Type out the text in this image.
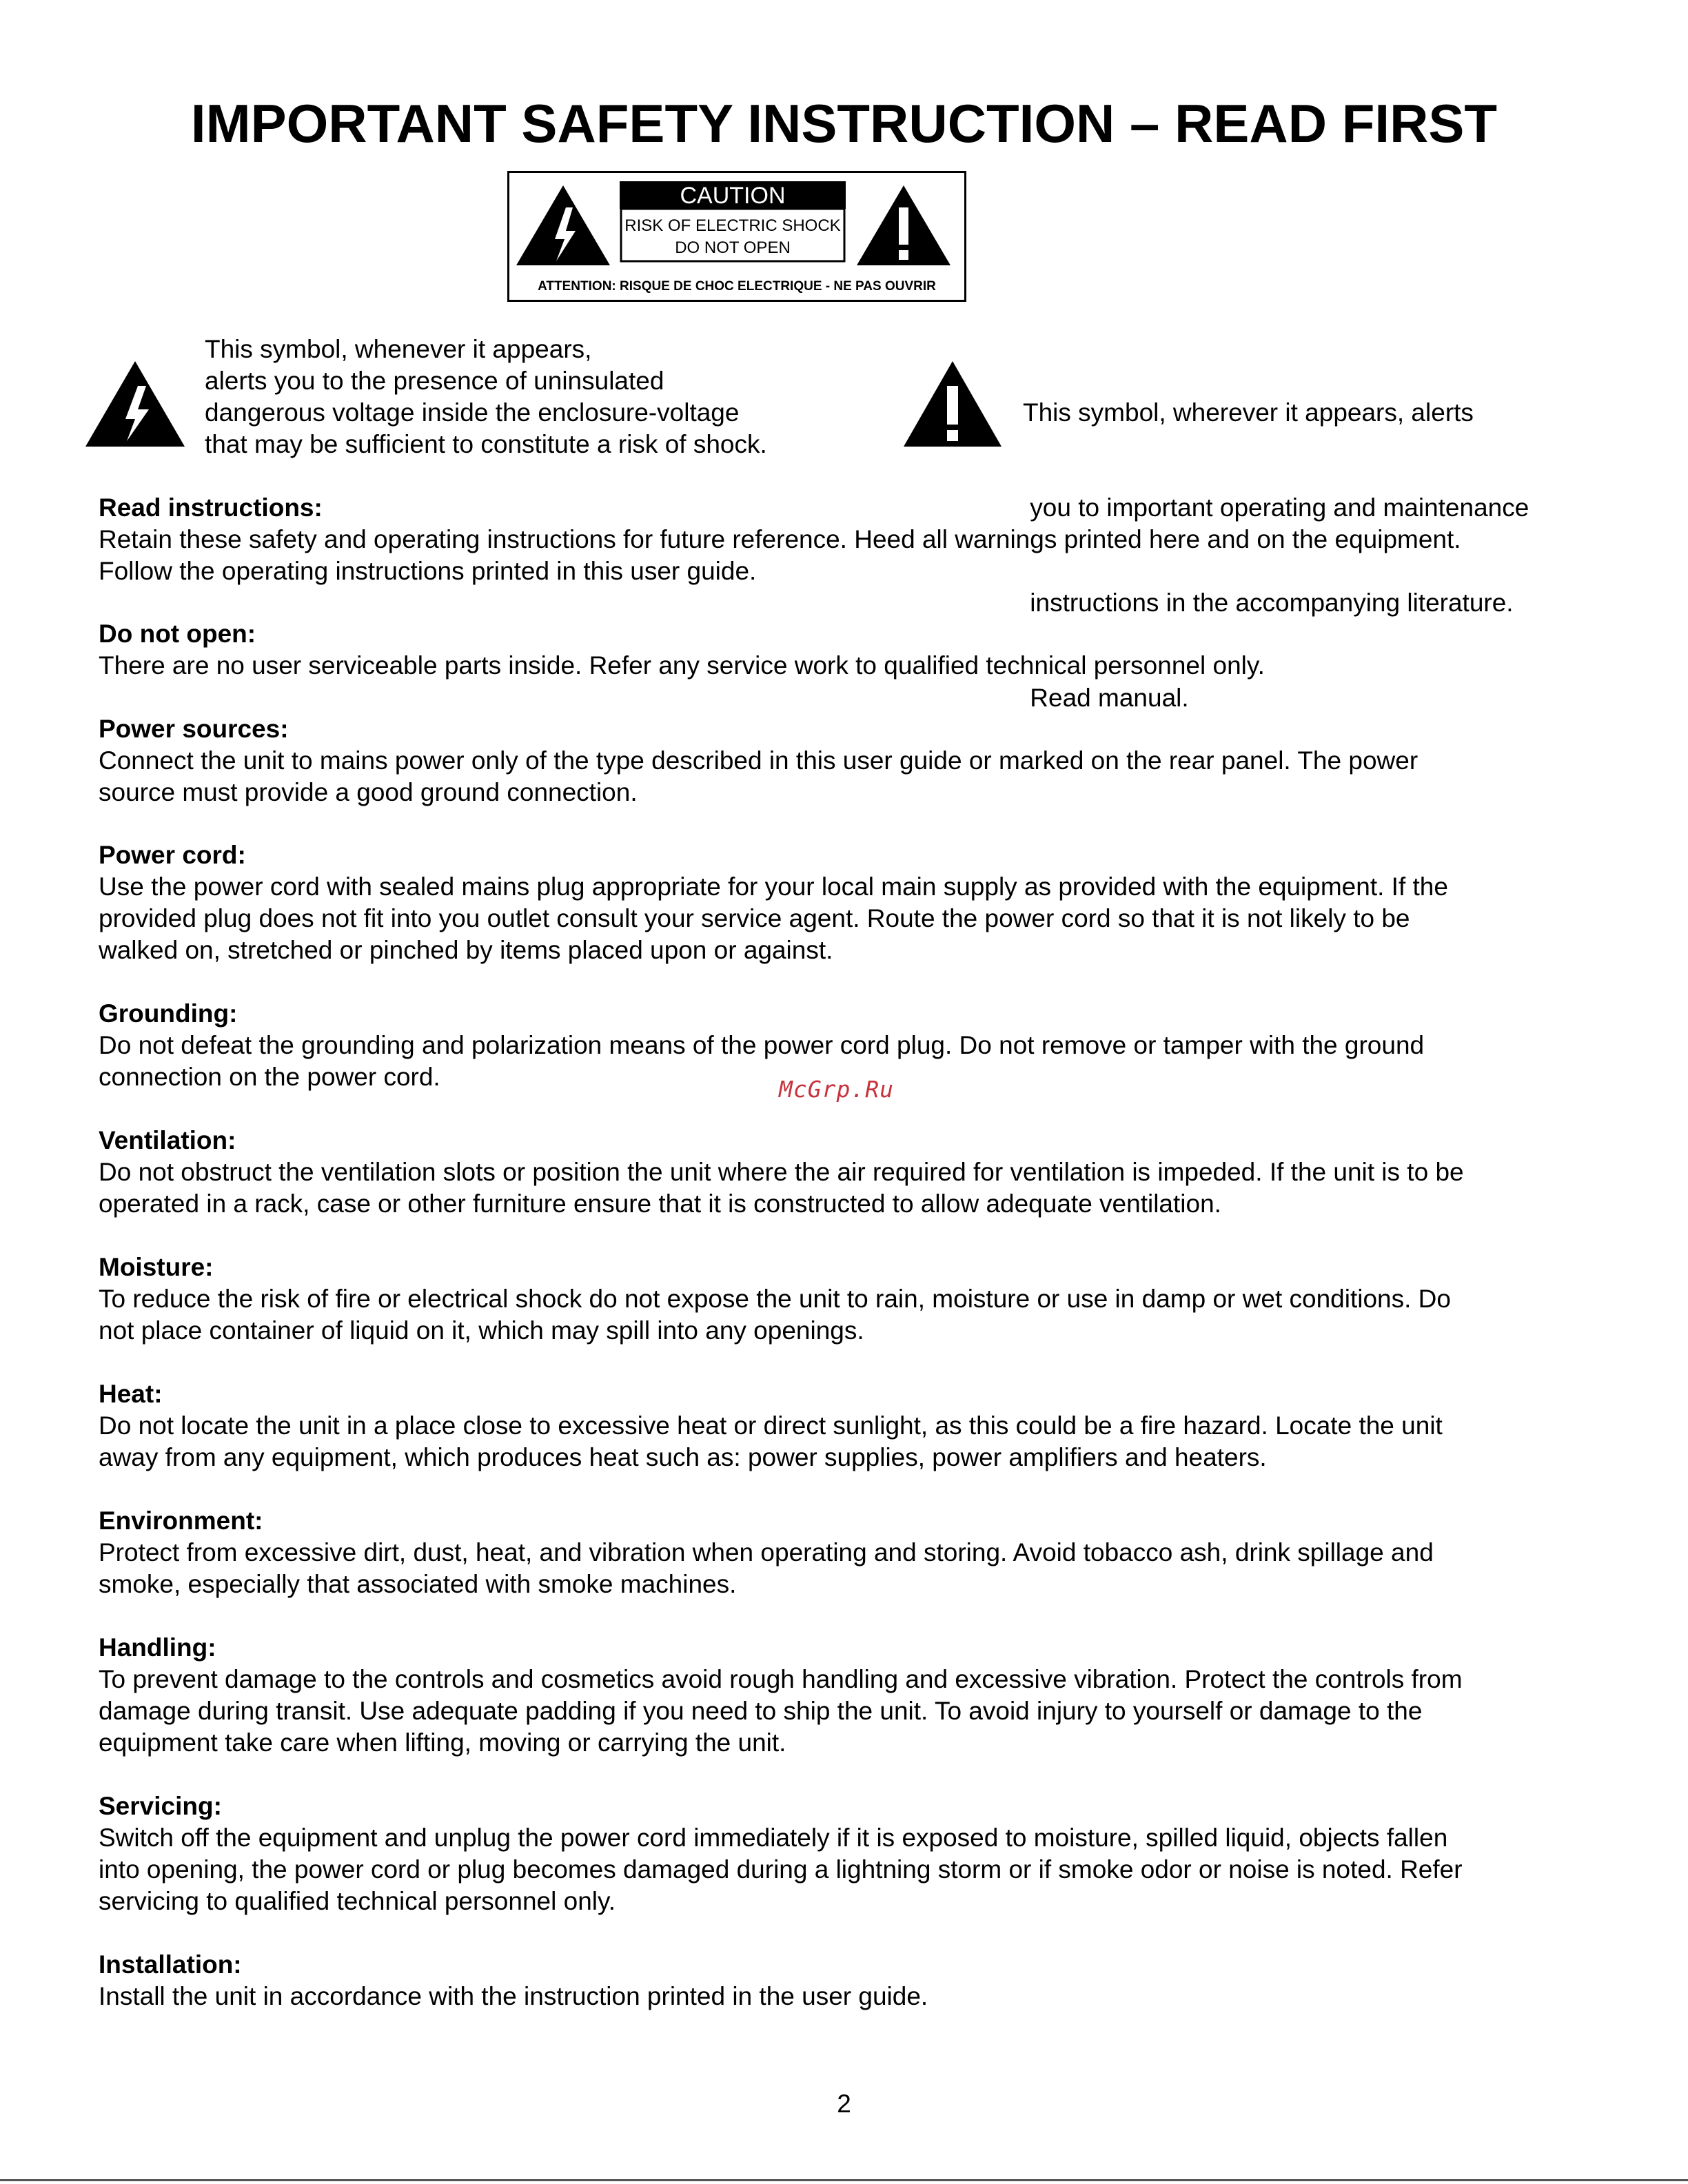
IMPORTANT SAFETY INSTRUCTION – READ FIRST
CAUTION
RISK OF ELECTRIC SHOCK
DO NOT OPEN
ATTENTION: RISQUE DE CHOC ELECTRIQUE - NE PAS OUVRIR
This symbol, whenever it appears,
alerts you to the presence of uninsulated
dangerous voltage inside the enclosure-voltage
that may be sufficient to constitute a risk of shock.

This symbol, wherever it appears, alerts

you to important operating and maintenance

instructions in the accompanying literature.

Read manual.

Read instructions:
Retain these safety and operating instructions for future reference. Heed all warnings printed here and on the equipment.
Follow the operating instructions printed in this user guide.
Do not open:
There are no user serviceable parts inside. Refer any service work to qualified technical personnel only.
Power sources:
Connect the unit to mains power only of the type described in this user guide or marked on the rear panel. The power
source must provide a good ground connection.
Power cord:
Use the power cord with sealed mains plug appropriate for your local main supply as provided with the equipment. If the
provided plug does not fit into you outlet consult your service agent. Route the power cord so that it is not likely to be
walked on, stretched or pinched by items placed upon or against.
Grounding:
Do not defeat the grounding and polarization means of the power cord plug. Do not remove or tamper with the ground
connection on the power cord.	McGrp.Ru
Ventilation:
Do not obstruct the ventilation slots or position the unit where the air required for ventilation is impeded. If the unit is to be
operated in a rack, case or other furniture ensure that it is constructed to allow adequate ventilation.
Moisture:
To reduce the risk of fire or electrical shock do not expose the unit to rain, moisture or use in damp or wet conditions. Do
not place container of liquid on it, which may spill into any openings.
Heat:
Do not locate the unit in a place close to excessive heat or direct sunlight, as this could be a fire hazard. Locate the unit
away from any equipment, which produces heat such as: power supplies, power amplifiers and heaters.
Environment:
Protect from excessive dirt, dust, heat, and vibration when operating and storing. Avoid tobacco ash, drink spillage and
smoke, especially that associated with smoke machines.
Handling:
To prevent damage to the controls and cosmetics avoid rough handling and excessive vibration. Protect the controls from
damage during transit. Use adequate padding if you need to ship the unit. To avoid injury to yourself or damage to the
equipment take care when lifting, moving or carrying the unit.
Servicing:
Switch off the equipment and unplug the power cord immediately if it is exposed to moisture, spilled liquid, objects fallen
into opening, the power cord or plug becomes damaged during a lightning storm or if smoke odor or noise is noted. Refer
servicing to qualified technical personnel only.
Installation:
Install the unit in accordance with the instruction printed in the user guide.
2
